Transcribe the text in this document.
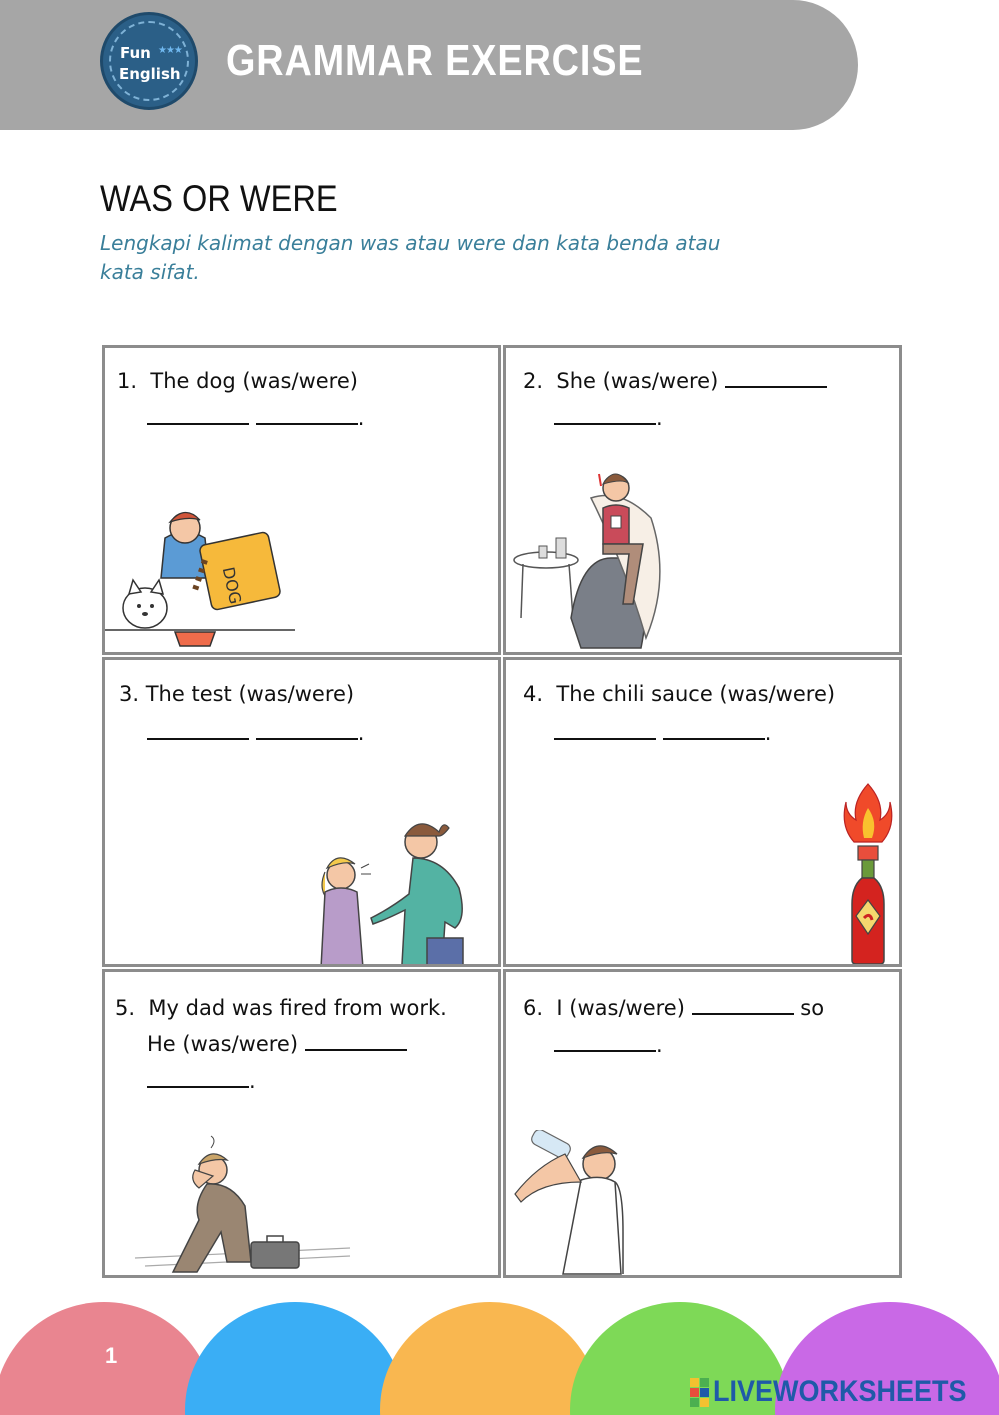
Fun ★★★
English GRAMMAR EXERCISE
WAS OR WERE
Lengkapi kalimat dengan was atau were dan kata benda atau kata sifat.
1. The dog (was/were)
.
DOG
2. She (was/were)
.
3. The test (was/were)
.
4. The chili sauce (was/were)
.
5. My dad was fired from work.
He (was/were)
.
6. I (was/were)	so
.
1
LIVEWORKSHEETS
